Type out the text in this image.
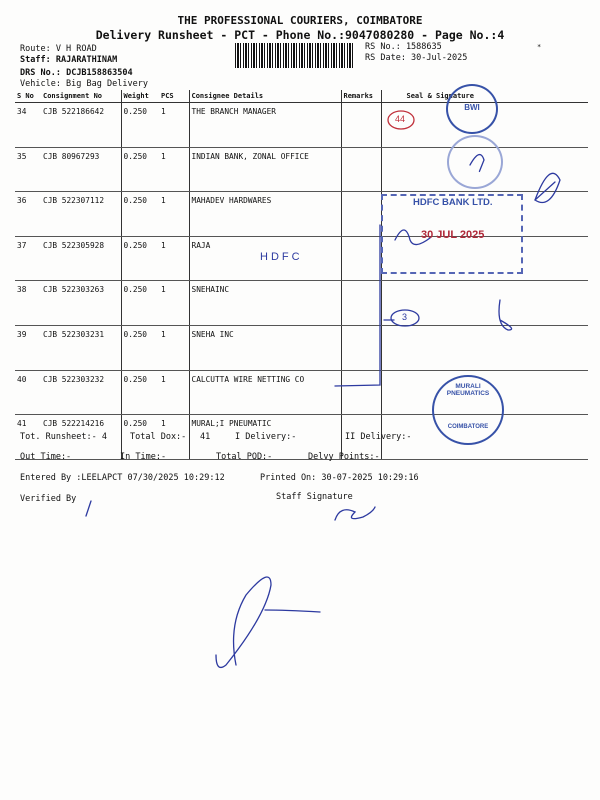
THE PROFESSIONAL COURIERS, COIMBATORE
Delivery Runsheet - PCT - Phone No.:9047080280 - Page No.:4
Route: V H ROAD
Staff: RAJARATHINAM
DRS No.: DCJB158863504
Vehicle: Big Bag Delivery
RS No.: 1588635
RS Date: 30-Jul-2025
*
S No	Consignment No	Weight	PCS	Consignee Details	Remarks	Seal & Signature
34	CJB 522186642	0.250	1	THE BRANCH MANAGER		
35	CJB 80967293	0.250	1	INDIAN BANK, ZONAL OFFICE		
36	CJB 522307112	0.250	1	MAHADEV HARDWARES		
37	CJB 522305928	0.250	1	RAJA		
38	CJB 522303263	0.250	1	SNEHAINC		
39	CJB 522303231	0.250	1	SNEHA INC		
40	CJB 522303232	0.250	1	CALCUTTA WIRE NETTING CO		
41	CJB 522214216	0.250	1	MURAL;I PNEUMATIC		
BWI
HDFC BANK LTD.
30 JUL 2025
HDFC
MURALI PNEUMATICS
COIMBATORE
44
3
Tot. Runsheet:- 4	Total Dox:- 41	I Delivery:-	II Delivery:-
Out Time:-	In Time:-	Total POD:-	Delvy Points:-
Entered By :LEELAPCT 07/30/2025 10:29:12	Printed On: 30-07-2025 10:29:16
Verified By	Staff Signature
